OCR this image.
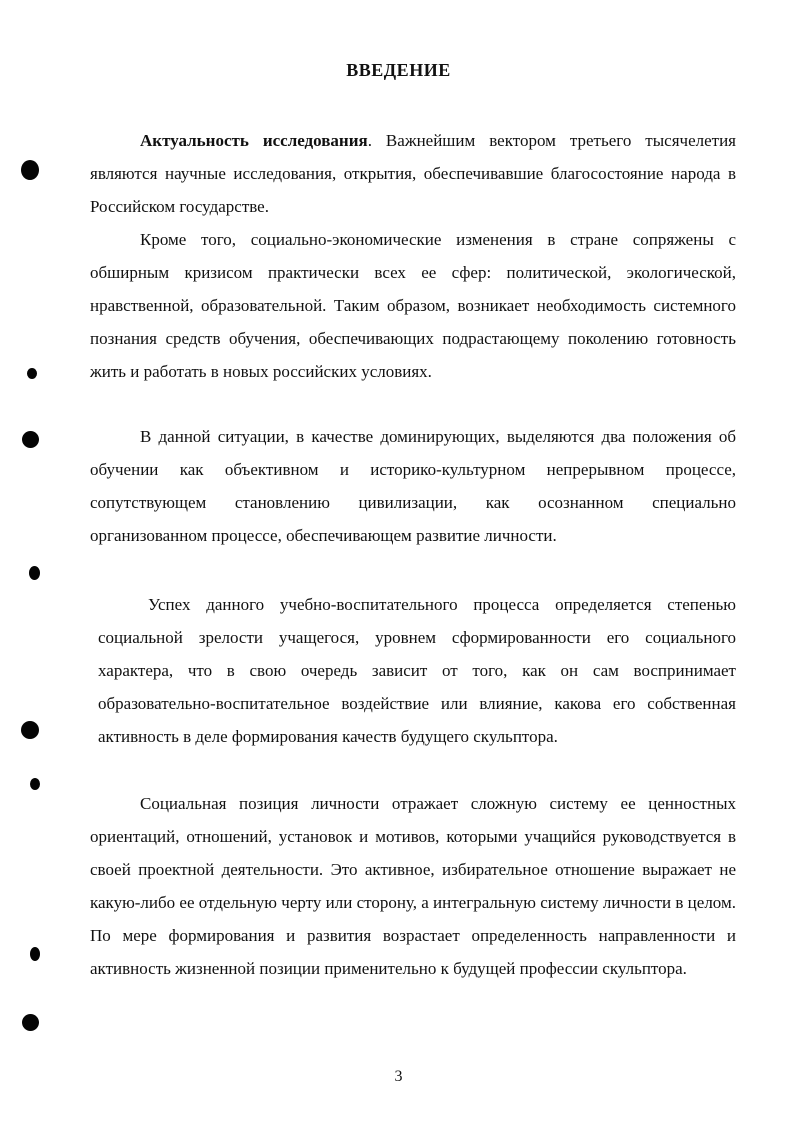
ВВЕДЕНИЕ

Актуальность исследования. Важнейшим вектором третьего тысячелетия являются научные исследования, открытия, обеспечивавшие благосостояние народа в Российском государстве.

Кроме того, социально-экономические изменения в стране сопряжены с обширным кризисом практически всех ее сфер: политической, экологической, нравственной, образовательной. Таким образом, возникает необходимость системного познания средств обучения, обеспечивающих подрастающему поколению готовность жить и работать в новых российских условиях.

В данной ситуации, в качестве доминирующих, выделяются два положения об обучении как объективном и историко-культурном непрерывном процессе, сопутствующем становлению цивилизации, как осознанном специально организованном процессе, обеспечивающем развитие личности.

Успех данного учебно-воспитательного процесса определяется степенью социальной зрелости учащегося, уровнем сформированности его социального характера, что в свою очередь зависит от того, как он сам воспринимает образовательно-воспитательное воздействие или влияние, какова его собственная активность в деле формирования качеств будущего скульптора.

Социальная позиция личности отражает сложную систему ее ценностных ориентаций, отношений, установок и мотивов, которыми учащийся руководствуется в своей проектной деятельности. Это активное, избирательное отношение выражает не какую-либо ее отдельную черту или сторону, а интегральную систему личности в целом. По мере формирования и развития возрастает определенность направленности и активность жизненной позиции применительно к будущей профессии скульптора.

3
